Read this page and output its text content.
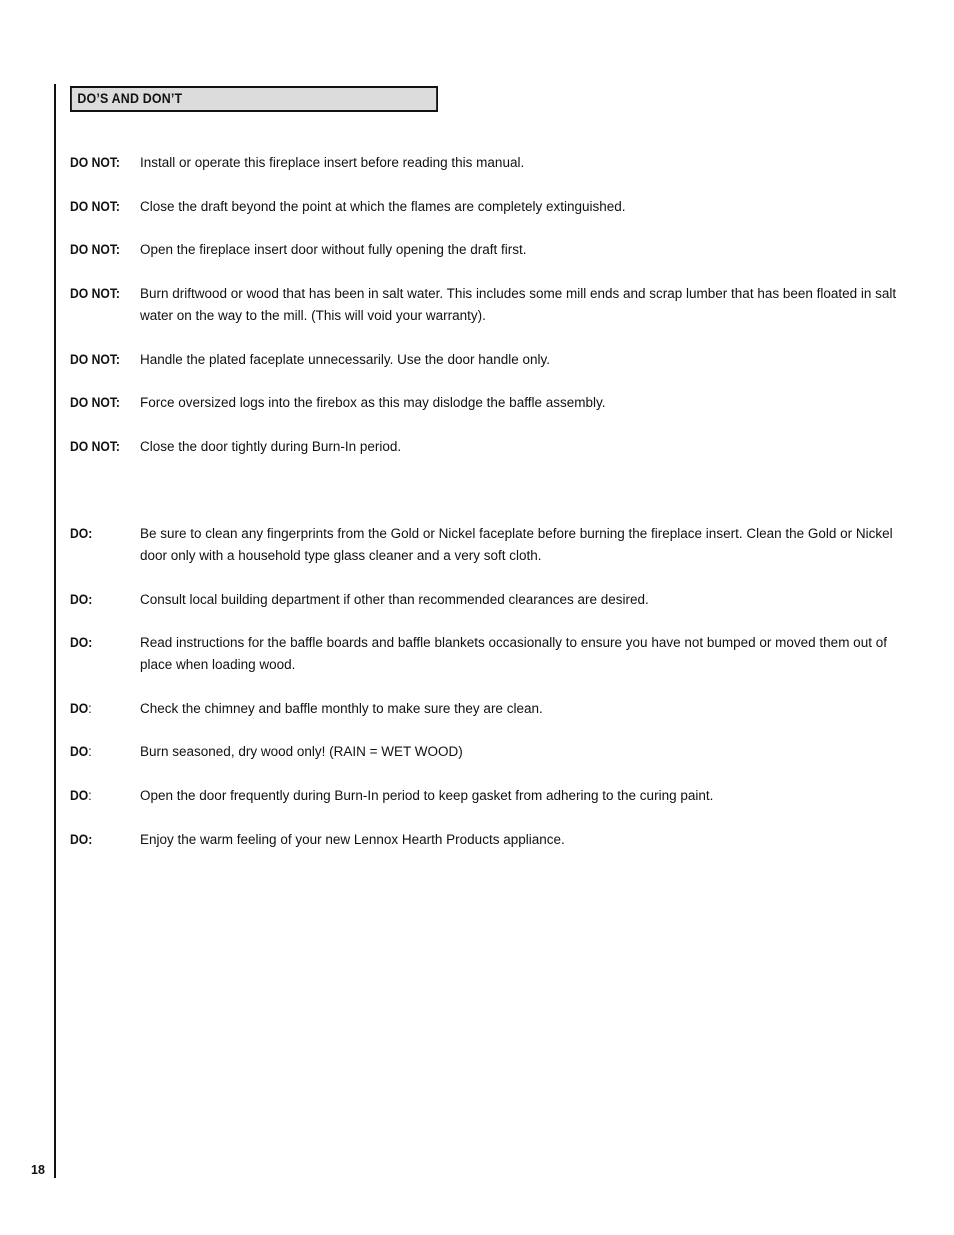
DO’S AND DON’T
DO NOT:	Install or operate this fireplace insert before reading this manual.
DO NOT:	Close the draft beyond the point at which the flames are completely extinguished.
DO NOT:	Open the fireplace insert door without fully opening the draft first.
DO NOT:	Burn driftwood or wood that has been in salt water. This includes some mill ends and scrap lumber that has been floated in salt water on the way to the mill. (This will void your warranty).
DO NOT:	Handle the plated faceplate unnecessarily. Use the door handle only.
DO NOT:	Force oversized logs into the firebox as this may dislodge the baffle assembly.
DO NOT:	Close the door tightly during Burn-In period.
DO:	Be sure to clean any fingerprints from the Gold or Nickel faceplate before burning the fireplace insert. Clean the Gold or Nickel door only with a household type glass cleaner and a very soft cloth.
DO:	Consult local building department if other than recommended clearances are desired.
DO:	Read instructions for the baffle boards and baffle blankets occasionally to ensure you have not bumped or moved them out of place when loading wood.
DO:	Check the chimney and baffle monthly to make sure they are clean.
DO:	Burn seasoned, dry wood only! (RAIN = WET WOOD)
DO:	Open the door frequently during Burn-In period to keep gasket from adhering to the curing paint.
DO:	Enjoy the warm feeling of your new Lennox Hearth Products appliance.
18
